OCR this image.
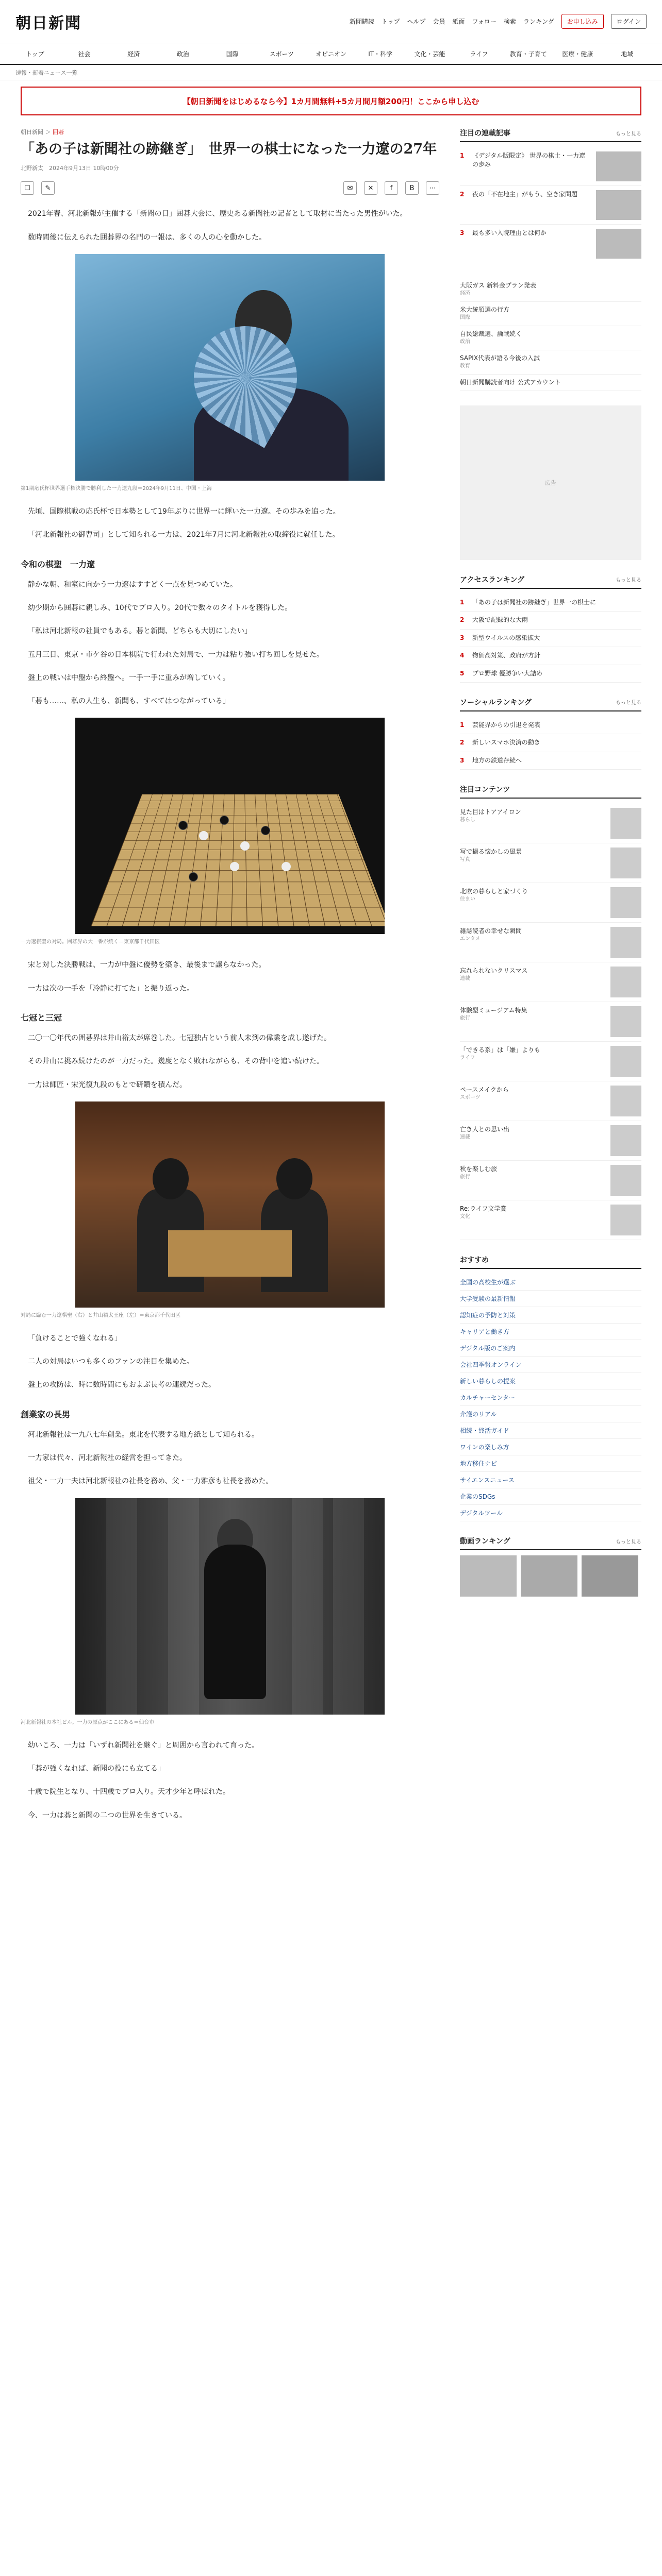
朝日新聞	新聞購読 トップ ヘルプ 会員 紙面 フォロー 検索 ランキング	お申し込み	ログイン
トップ	社会	経済	政治	国際	スポーツ	オピニオン	IT・科学	文化・芸能	ライフ	教育・子育て	医療・健康	地域
速報・新着ニュース一覧
【朝日新聞をはじめるなら今】1カ月間無料+5カ月間月額200円！ここから申し込む
朝日新聞 ＞ 囲碁
「あの子は新聞社の跡継ぎ」　世界一の棋士になった一力遼の27年
北野新太　2024年9月13日 10時00分
☐	✎	✉	✕	f	B	⋯

2021年春、河北新報が主催する「新聞の日」囲碁大会に、歴史ある新聞社の記者として取材に当たった男性がいた。

数時間後に伝えられた囲碁界の名門の一報は、多くの人の心を動かした。

第1期応氏杯世界選手権決勝で勝利した一力遼九段＝2024年9月11日、中国・上海

先頃、国際棋戦の応氏杯で日本勢として19年ぶりに世界一に輝いた一力遼。その歩みを追った。

「河北新報社の御曹司」として知られる一力は、2021年7月に河北新報社の取締役に就任した。

令和の棋聖　一力遼

静かな朝、和室に向かう一力遼はすすどく一点を見つめていた。

幼少期から囲碁に親しみ、10代でプロ入り。20代で数々のタイトルを獲得した。

「私は河北新報の社員でもある。碁と新聞、どちらも大切にしたい」

五月三日、東京・市ケ谷の日本棋院で行われた対局で、一力は粘り強い打ち回しを見せた。

盤上の戦いは中盤から終盤へ。一手一手に重みが増していく。

「碁も……、私の人生も、新聞も、すべてはつながっている」

一力遼棋聖の対局。囲碁界の大一番が続く＝東京都千代田区

宋と対した決勝戦は、一力が中盤に優勢を築き、最後まで譲らなかった。

一力は次の一手を「冷静に打てた」と振り返った。

七冠と三冠

二〇一〇年代の囲碁界は井山裕太が席巻した。七冠独占という前人未到の偉業を成し遂げた。

その井山に挑み続けたのが一力だった。幾度となく敗れながらも、その背中を追い続けた。

一力は師匠・宋光復九段のもとで研鑽を積んだ。

対局に臨む一力遼棋聖（右）と井山裕太王座（左）＝東京都千代田区

「負けることで強くなれる」

二人の対局はいつも多くのファンの注目を集めた。

盤上の攻防は、時に数時間にもおよぶ長考の連続だった。

創業家の長男

河北新報社は一九八七年創業。東北を代表する地方紙として知られる。

一力家は代々、河北新報社の経営を担ってきた。

祖父・一力一夫は河北新報社の社長を務め、父・一力雅彦も社長を務めた。

河北新報社の本社ビル。一力の原点がここにある＝仙台市

幼いころ、一力は「いずれ新聞社を継ぐ」と周囲から言われて育った。

「碁が強くなれば、新聞の役にも立てる」

十歳で院生となり、十四歳でプロ入り。天才少年と呼ばれた。

今、一力は碁と新聞の二つの世界を生きている。

注目の連載記事	もっと見る
1	《デジタル版限定》 世界の棋士・一力遼の歩み
2	夜の「不在地主」がもう、空き家問題
3	最も多い入院理由とは何か
大阪ガス 新料金プラン発表
経済
米大統領選の行方
国際
自民総裁選、論戦続く
政治
SAPIX代表が語る今後の入試
教育
朝日新聞購読者向け 公式アカウント
広告
アクセスランキング	もっと見る
1	「あの子は新聞社の跡継ぎ」世界一の棋士に
2	大阪で記録的な大雨
3	新型ウイルスの感染拡大
4	物価高対策、政府が方針
5	プロ野球 優勝争い大詰め
ソーシャルランキング	もっと見る
1	芸能界からの引退を発表
2	新しいスマホ決済の動き
3	地方の鉄道存続へ
注目コンテンツ
見た目はトアアイロン
暮らし
写で撮る懐かしの風景
写真
北欧の暮らしと家づくり
住まい
雑誌読者の幸せな瞬間
エンタメ
忘れられないクリスマス
連載
体験型ミュージアム特集
旅行
「できる系」は「嫌」よりも
ライフ
ペースメイクから
スポーツ
亡き人との思い出
連載
秋を楽しむ旅
旅行
Re:ライフ文学賞
文化
おすすめ
全国の高校生が選ぶ
大学受験の最新情報
認知症の予防と対策
キャリアと働き方
デジタル版のご案内
会社四季報オンライン
新しい暮らしの提案
カルチャーセンター
介護のリアル
相続・終活ガイド
ワインの楽しみ方
地方移住ナビ
サイエンスニュース
企業のSDGs
デジタルツール
動画ランキング	もっと見る
